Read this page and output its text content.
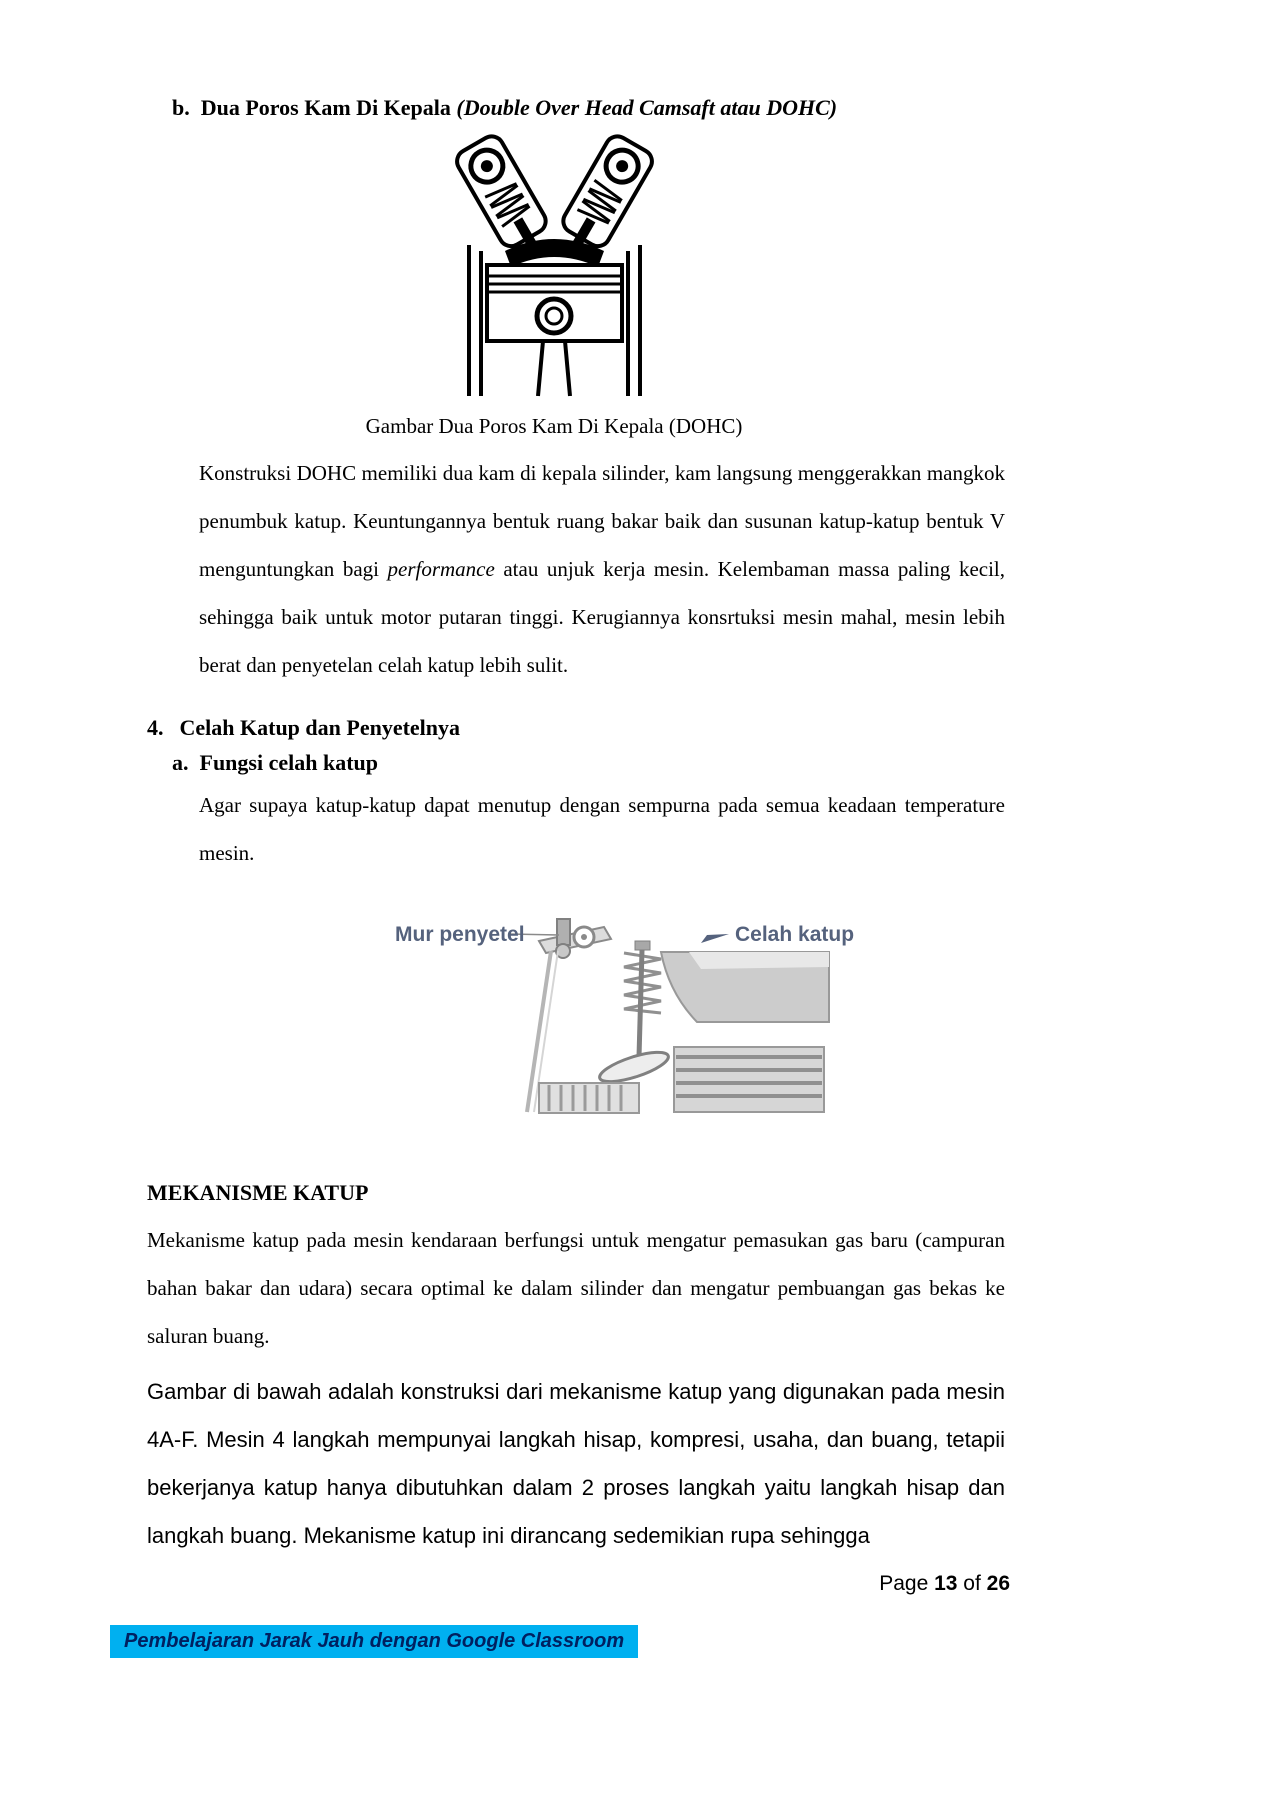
b. Dua Poros Kam Di Kepala (Double Over Head Camsaft atau DOHC)
Gambar Dua Poros Kam Di Kepala (DOHC)

Konstruksi DOHC memiliki dua kam di kepala silinder, kam langsung menggerakkan mangkok penumbuk katup. Keuntungannya bentuk ruang bakar baik dan susunan katup-katup bentuk V menguntungkan bagi performance atau unjuk kerja mesin. Kelembaman massa paling kecil, sehingga baik untuk motor putaran tinggi. Kerugiannya konsrtuksi mesin mahal, mesin lebih berat dan penyetelan celah katup lebih sulit.

4. Celah Katup dan Penyetelnya
a. Fungsi celah katup

Agar supaya katup-katup dapat menutup dengan sempurna pada semua keadaan temperature mesin.

Mur penyetel	Celah katup
MEKANISME KATUP

Mekanisme katup pada mesin kendaraan berfungsi untuk mengatur pemasukan gas baru (campuran bahan bakar dan udara) secara optimal ke dalam silinder dan mengatur pembuangan gas bekas ke saluran buang.

Gambar di bawah adalah konstruksi dari mekanisme katup yang digunakan pada mesin 4A-F. Mesin 4 langkah mempunyai langkah hisap, kompresi, usaha, dan buang, tetapii bekerjanya katup hanya dibutuhkan dalam 2 proses langkah yaitu langkah hisap dan langkah buang. Mekanisme katup ini dirancang sedemikian rupa sehingga

Page 13 of 26
Pembelajaran Jarak Jauh dengan Google Classroom
